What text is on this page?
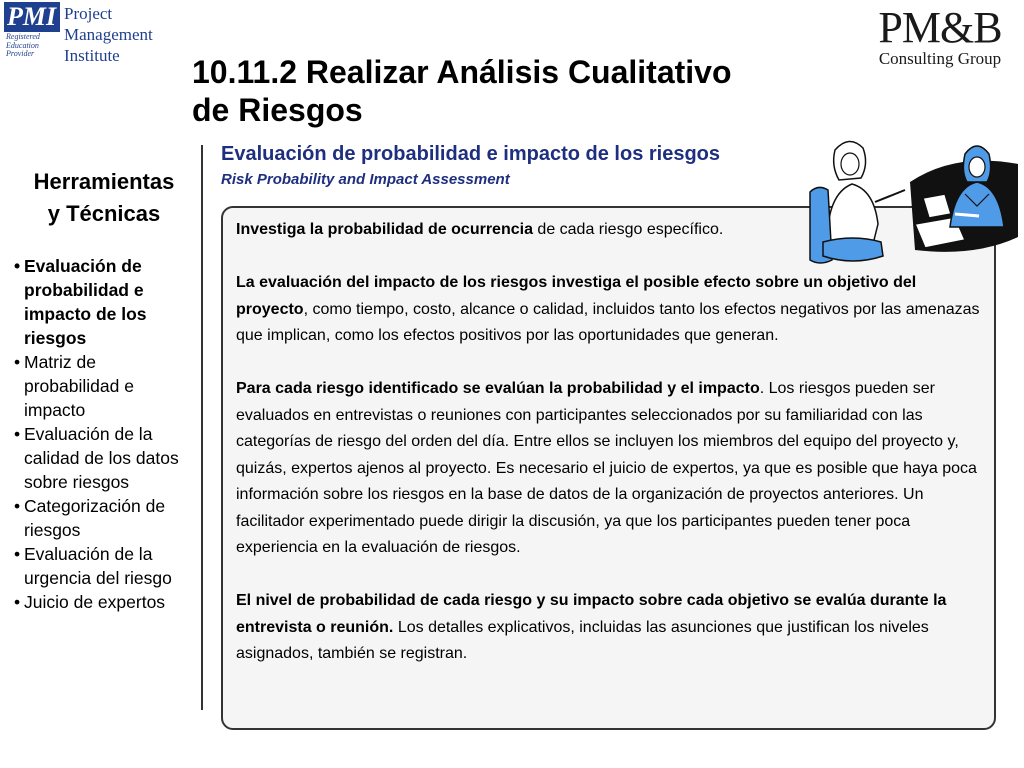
PMI
Registered
Education
Provider
Project
Management
Institute
PM&B
Consulting Group
10.11.2 Realizar Análisis Cualitativo
de Riesgos
Herramientas
y Técnicas
• Evaluación de probabilidad e impacto de los riesgos
• Matriz de probabilidad e impacto
• Evaluación de la calidad de los datos sobre riesgos
• Categorización de riesgos
• Evaluación de la urgencia del riesgo
• Juicio de expertos
Evaluación de probabilidad e impacto de los riesgos
Risk Probability and Impact Assessment

Investiga la probabilidad de ocurrencia de cada riesgo específico.

La evaluación del impacto de los riesgos investiga el posible efecto sobre un objetivo del proyecto, como tiempo, costo, alcance o calidad, incluidos tanto los efectos negativos por las amenazas que implican, como los efectos positivos por las oportunidades que generan.

Para cada riesgo identificado se evalúan la probabilidad y el impacto. Los riesgos pueden ser evaluados en entrevistas o reuniones con participantes seleccionados por su familiaridad con las categorías de riesgo del orden del día. Entre ellos se incluyen los miembros del equipo del proyecto y, quizás, expertos ajenos al proyecto. Es necesario el juicio de expertos, ya que es posible que haya poca información sobre los riesgos en la base de datos de la organización de proyectos anteriores. Un facilitador experimentado puede dirigir la discusión, ya que los participantes pueden tener poca experiencia en la evaluación de riesgos.

El nivel de probabilidad de cada riesgo y su impacto sobre cada objetivo se evalúa durante la entrevista o reunión. Los detalles explicativos, incluidas las asunciones que justifican los niveles asignados, también se registran.
